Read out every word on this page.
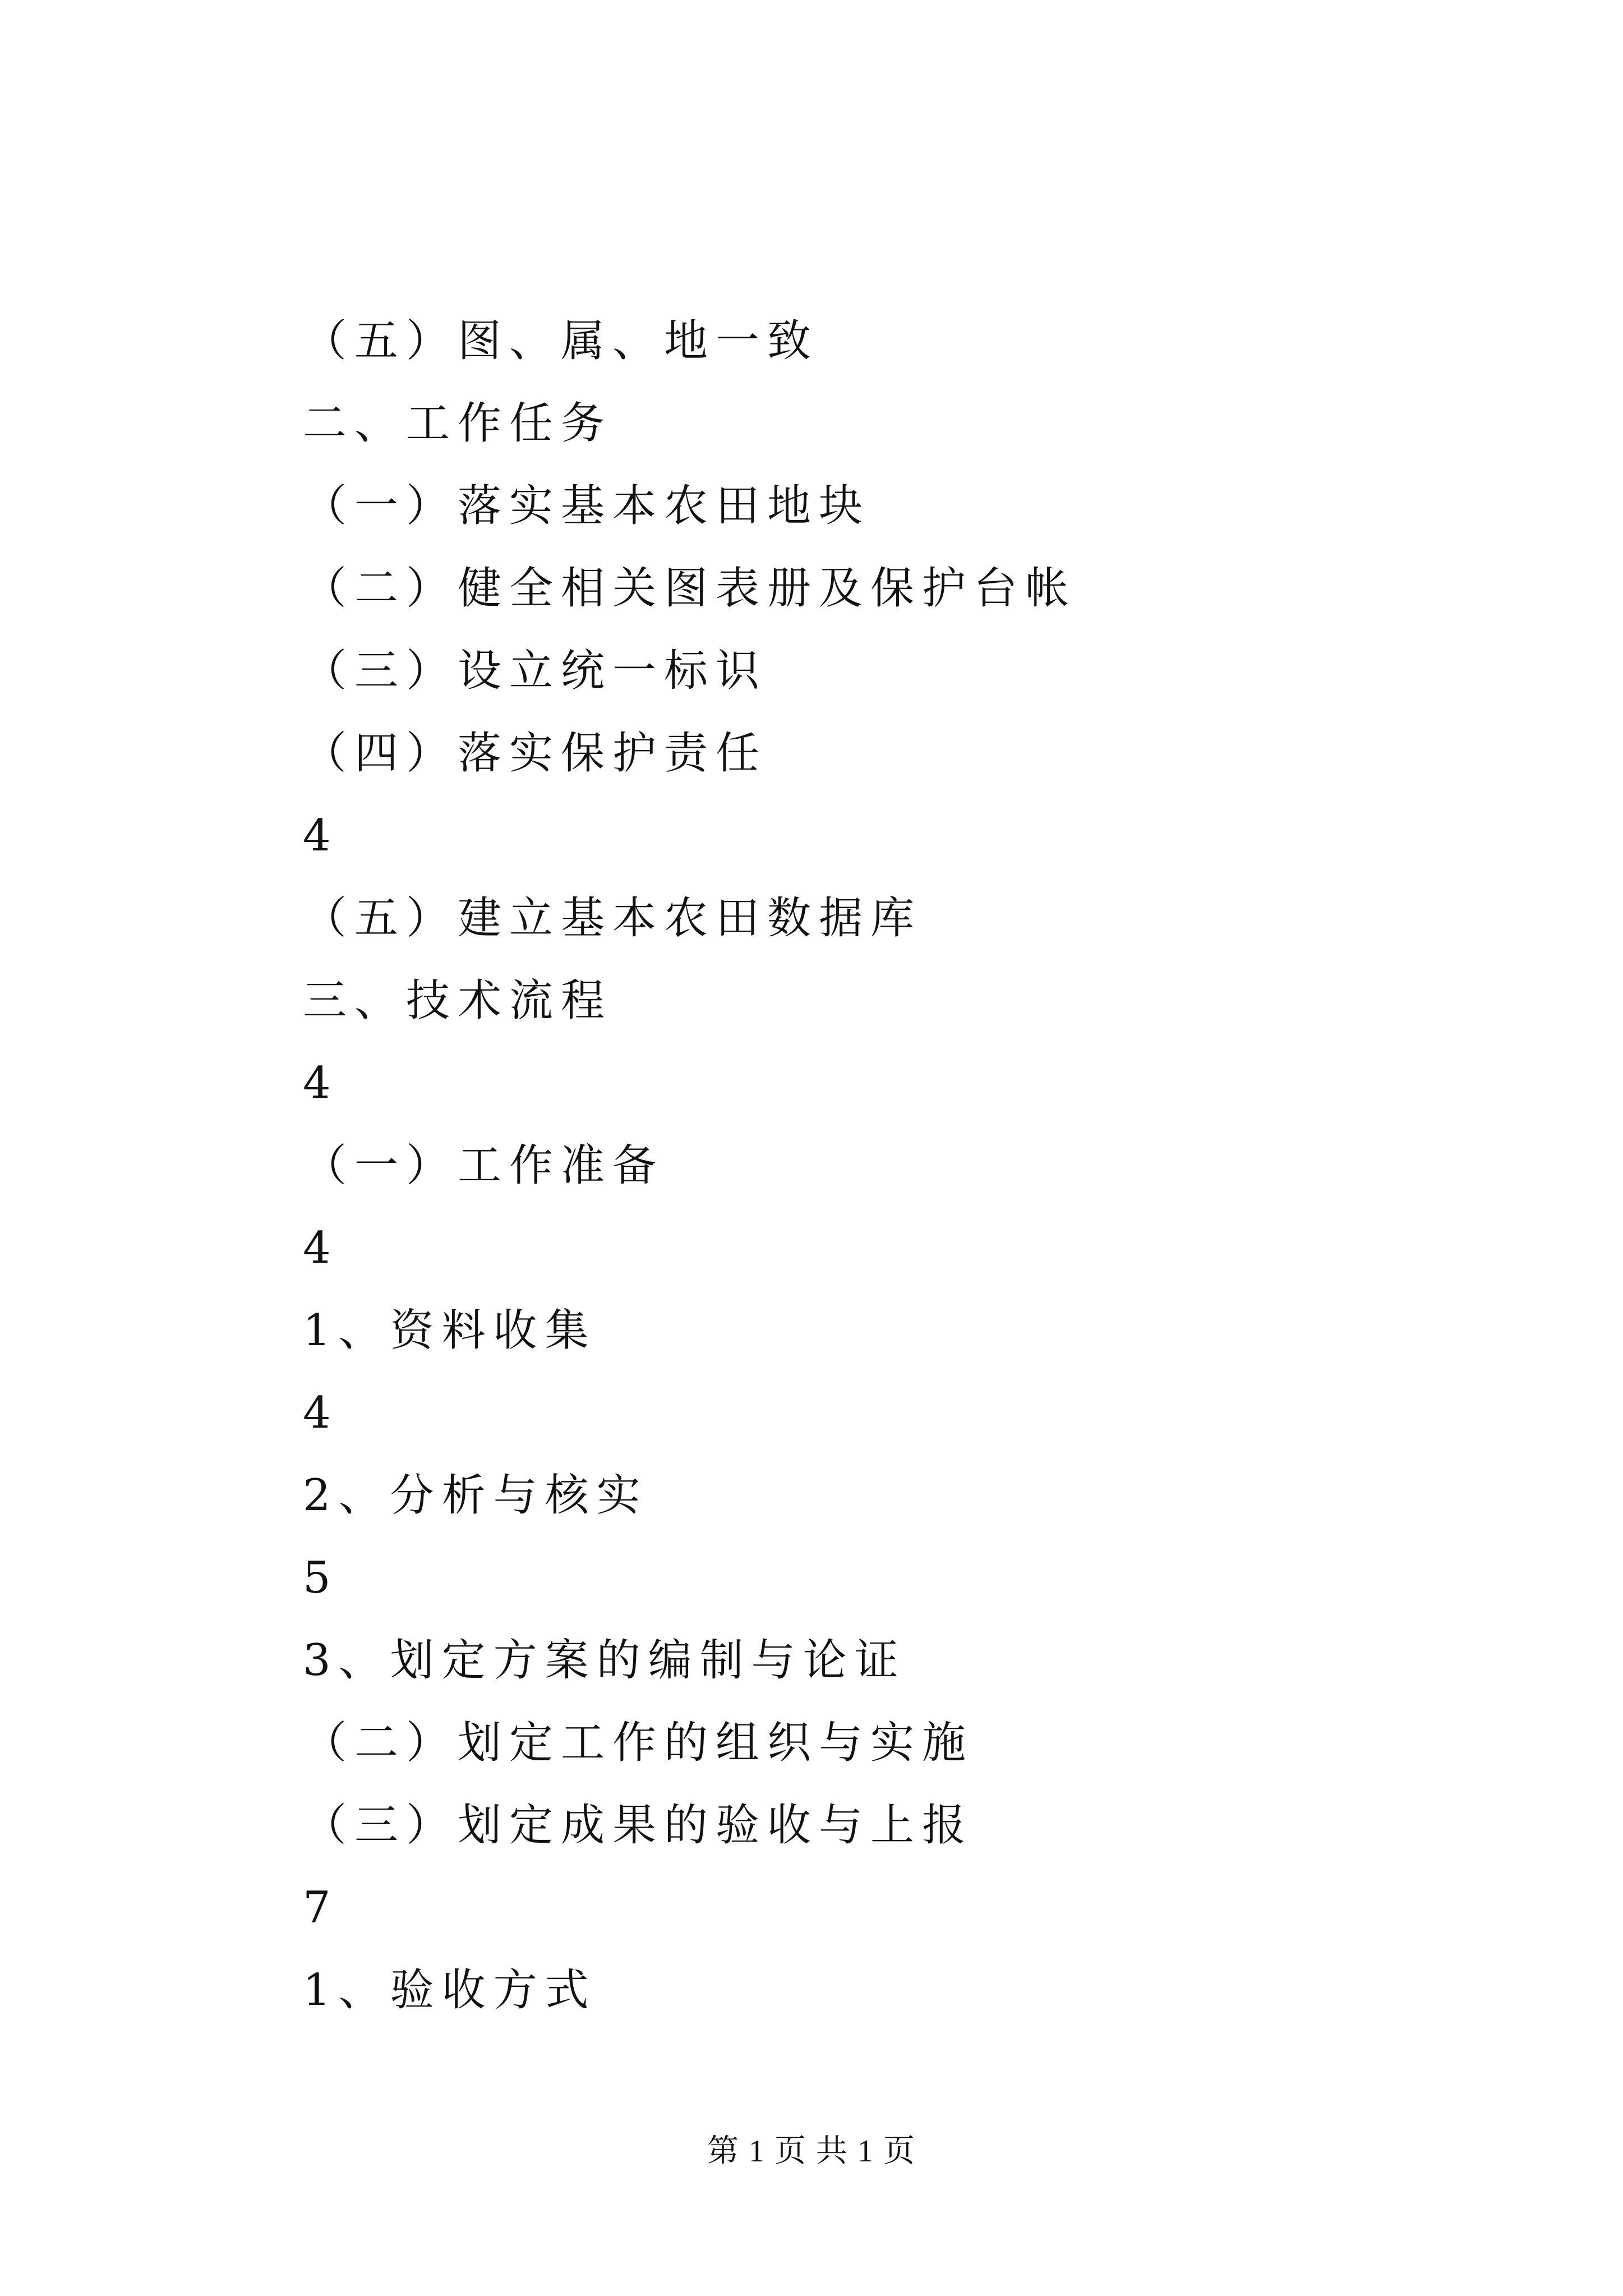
（五）图、属、地一致
二、工作任务
（一）落实基本农田地块
（二）健全相关图表册及保护台帐
（三）设立统一标识
（四）落实保护责任
4
（五）建立基本农田数据库
三、技术流程
4
（一）工作准备
4
1、资料收集
4
2、分析与核实
5
3、划定方案的编制与论证
（二）划定工作的组织与实施
（三）划定成果的验收与上报
7
1、验收方式
第 1 页 共 1 页
